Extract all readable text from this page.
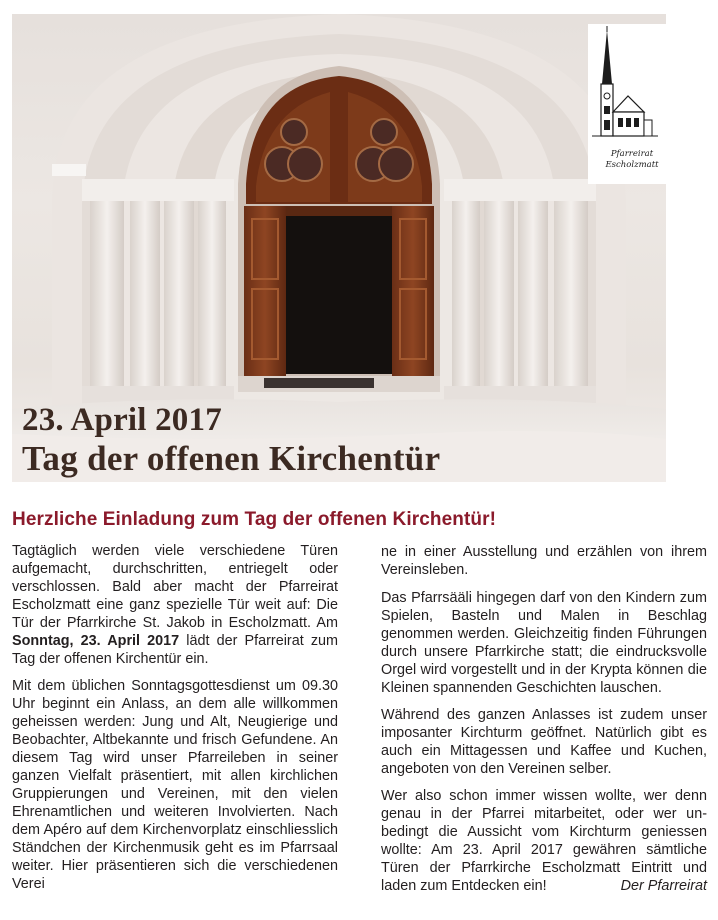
23. April 2017
Tag der offenen Kirchentür
Pfarreirat
Escholzmatt
Herzliche Einladung zum Tag der offenen Kirchentür!

Tagtäglich werden viele verschiedene Türen aufgemacht, durchschritten, entriegelt oder verschlossen. Bald aber macht der Pfarreirat Escholzmatt eine ganz spezielle Tür weit auf: Die Tür der Pfarrkirche St. Jakob in Escholzmatt. Am Sonntag, 23. April 2017 lädt der Pfarreirat zum Tag der offenen Kirchentür ein.

Mit dem üblichen Sonntagsgottesdienst um 09.30 Uhr beginnt ein Anlass, an dem alle willkommen geheissen werden: Jung und Alt, Neugierige und Beobachter, Altbekannte und frisch Gefundene. An diesem Tag wird unser Pfarreileben in seiner ganzen Vielfalt präsentiert, mit allen kirchlichen Gruppierungen und Vereinen, mit den vielen Ehrenamtlichen und weiteren Involvierten. Nach dem Apéro auf dem Kirchenvorplatz einschliesslich Ständchen der Kirchenmusik geht es im Pfarrsaal weiter. Hier präsentieren sich die verschiedenen Verei

ne in einer Ausstellung und erzählen von ihrem Vereinsleben.

Das Pfarrsääli hingegen darf von den Kindern zum Spielen, Basteln und Malen in Beschlag genommen werden. Gleichzeitig finden Führungen durch unsere Pfarrkirche statt; die eindrucksvolle Orgel wird vorgestellt und in der Krypta können die Kleinen spannenden Geschichten lauschen.

Während des ganzen Anlasses ist zudem unser imposanter Kirchturm geöffnet. Natürlich gibt es auch ein Mittagessen und Kaffee und Kuchen, angeboten von den Vereinen selber.

Wer also schon immer wissen wollte, wer denn genau in der Pfarrei mitarbeitet, oder wer unbedingt die Aussicht vom Kirchturm geniessen wollte: Am 23. April 2017 gewähren sämtliche Türen der Pfarrkirche Escholzmatt Eintritt und laden zum Entdecken ein!	Der Pfarreirat
